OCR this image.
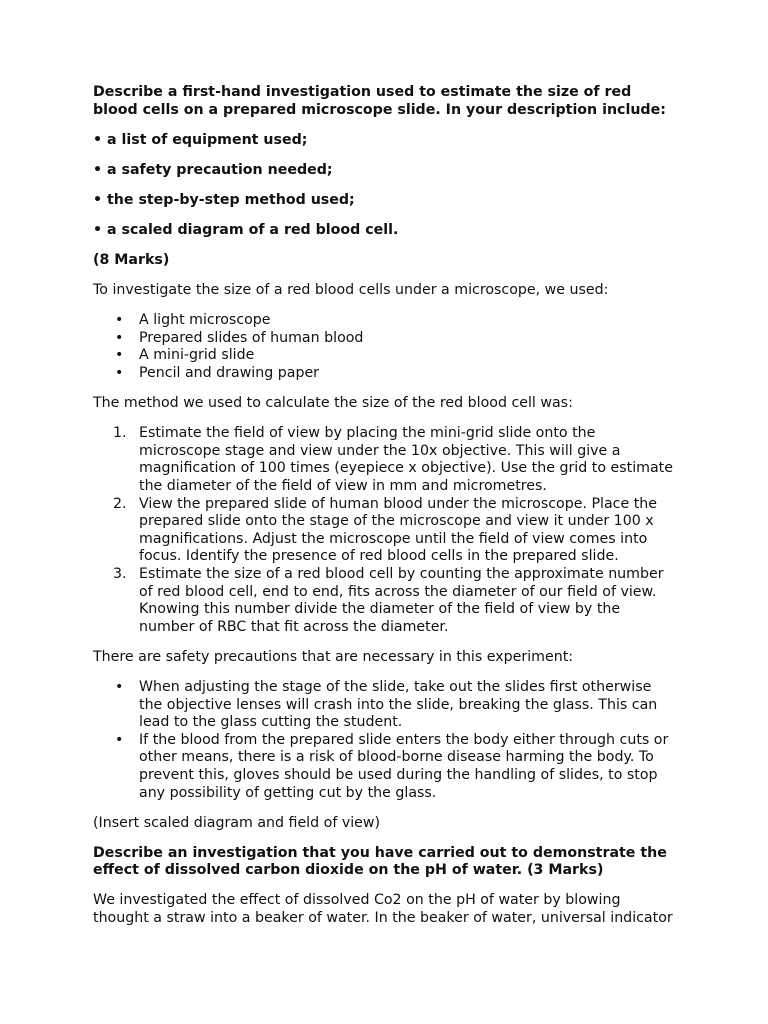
Describe a first-hand investigation used to estimate the size of red blood cells on a prepared microscope slide. In your description include:

• a list of equipment used;

• a safety precaution needed;

• the step-by-step method used;

• a scaled diagram of a red blood cell.

(8 Marks)

To investigate the size of a red blood cells under a microscope, we used:

• A light microscope
• Prepared slides of human blood
• A mini-grid slide
• Pencil and drawing paper

The method we used to calculate the size of the red blood cell was:

1. Estimate the field of view by placing the mini-grid slide onto the microscope stage and view under the 10x objective. This will give a magnification of 100 times (eyepiece x objective). Use the grid to estimate the diameter of the field of view in mm and micrometres.
2. View the prepared slide of human blood under the microscope. Place the prepared slide onto the stage of the microscope and view it under 100 x magnifications. Adjust the microscope until the field of view comes into focus. Identify the presence of red blood cells in the prepared slide.
3. Estimate the size of a red blood cell by counting the approximate number of red blood cell, end to end, fits across the diameter of our field of view. Knowing this number divide the diameter of the field of view by the number of RBC that fit across the diameter.

There are safety precautions that are necessary in this experiment:

• When adjusting the stage of the slide, take out the slides first otherwise the objective lenses will crash into the slide, breaking the glass. This can lead to the glass cutting the student.
• If the blood from the prepared slide enters the body either through cuts or other means, there is a risk of blood-borne disease harming the body. To prevent this, gloves should be used during the handling of slides, to stop any possibility of getting cut by the glass.

(Insert scaled diagram and field of view)

Describe an investigation that you have carried out to demonstrate the effect of dissolved carbon dioxide on the pH of water. (3 Marks)

We investigated the effect of dissolved Co2 on the pH of water by blowing thought a straw into a beaker of water. In the beaker of water, universal indicator
